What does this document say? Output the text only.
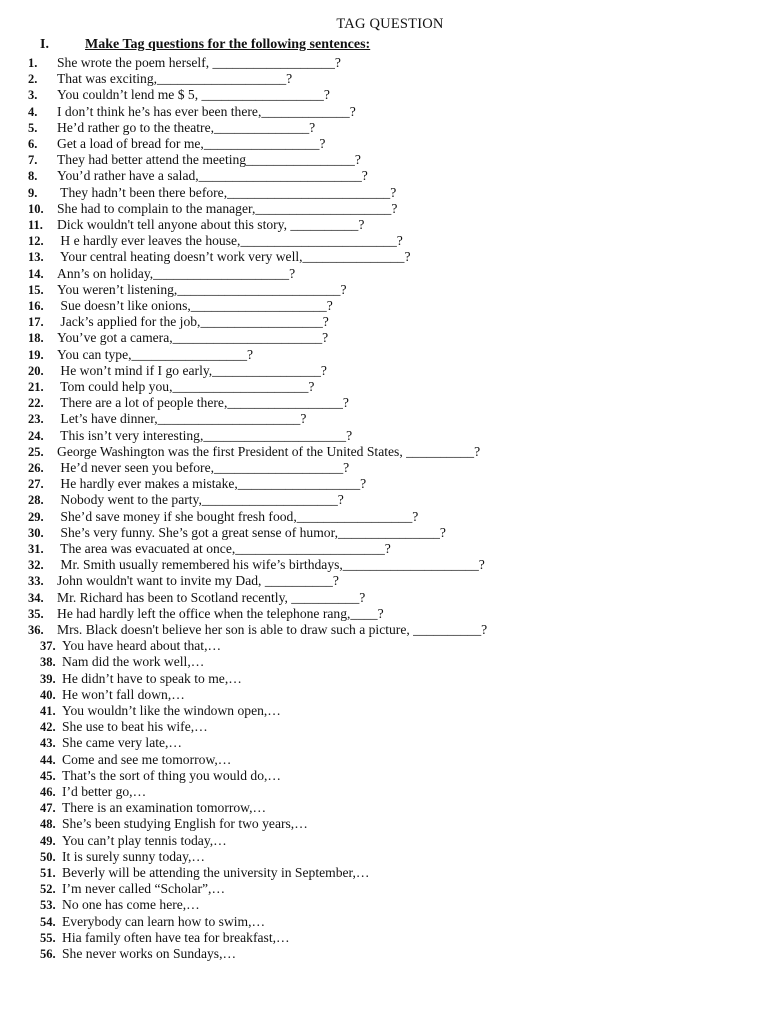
TAG QUESTION
I.	Make Tag questions for the following sentences:
1. She wrote the poem herself, __________________?
2. That was exciting,___________________?
3. You couldn’t lend me $ 5, __________________?
4. I don’t think he’s has ever been there,_____________?
5. He’d rather go to the theatre,______________?
6. Get a load of bread for me,_________________?
7. They had better attend the meeting________________?
8. You’d rather have a salad,________________________?
9. They hadn’t been there before,________________________?
10. She had to complain to the manager,____________________?
11. Dick wouldn't tell anyone about this story, __________?
12. H e hardly ever leaves the house,_______________________?
13. Your central heating doesn’t work very well,_______________?
14. Ann’s on holiday,____________________?
15. You weren’t listening,________________________?
16. Sue doesn’t like onions,____________________?
17. Jack’s applied for the job,__________________?
18. You’ve got a camera,______________________?
19. You can type,_________________?
20. He won’t mind if I go early,________________?
21. Tom could help you,____________________?
22. There are a lot of people there,_________________?
23. Let’s have dinner,_____________________?
24. This isn’t very interesting,_____________________?
25. George Washington was the first President of the United States, __________?
26. He’d never seen you before,___________________?
27. He hardly ever makes a mistake,__________________?
28. Nobody went to the party,____________________?
29. She’d save money if she bought fresh food,_________________?
30. She’s very funny. She’s got a great sense of humor,_______________?
31. The area was evacuated at once,______________________?
32. Mr. Smith usually remembered his wife’s birthdays,____________________?
33. John wouldn't want to invite my Dad, __________?
34. Mr. Richard has been to Scotland recently, __________?
35. He had hardly left the office when the telephone rang,____?
36. Mrs. Black doesn't believe her son is able to draw such a picture, __________?
37. You have heard about that,…
38. Nam did the work well,…
39. He didn’t have to speak to me,…
40. He won’t fall down,…
41. You wouldn’t like the windown open,…
42. She use to beat his wife,…
43. She came very late,…
44. Come and see me tomorrow,…
45. That’s the sort of thing you would do,…
46. I’d better go,…
47. There is an examination tomorrow,…
48. She’s been studying English for two years,…
49. You can’t play tennis today,…
50. It is surely sunny today,…
51. Beverly will be attending the university in September,…
52. I’m never called “Scholar”,…
53. No one has come here,…
54. Everybody can learn how to swim,…
55. Hia family often have tea for breakfast,…
56. She never works on Sundays,…
